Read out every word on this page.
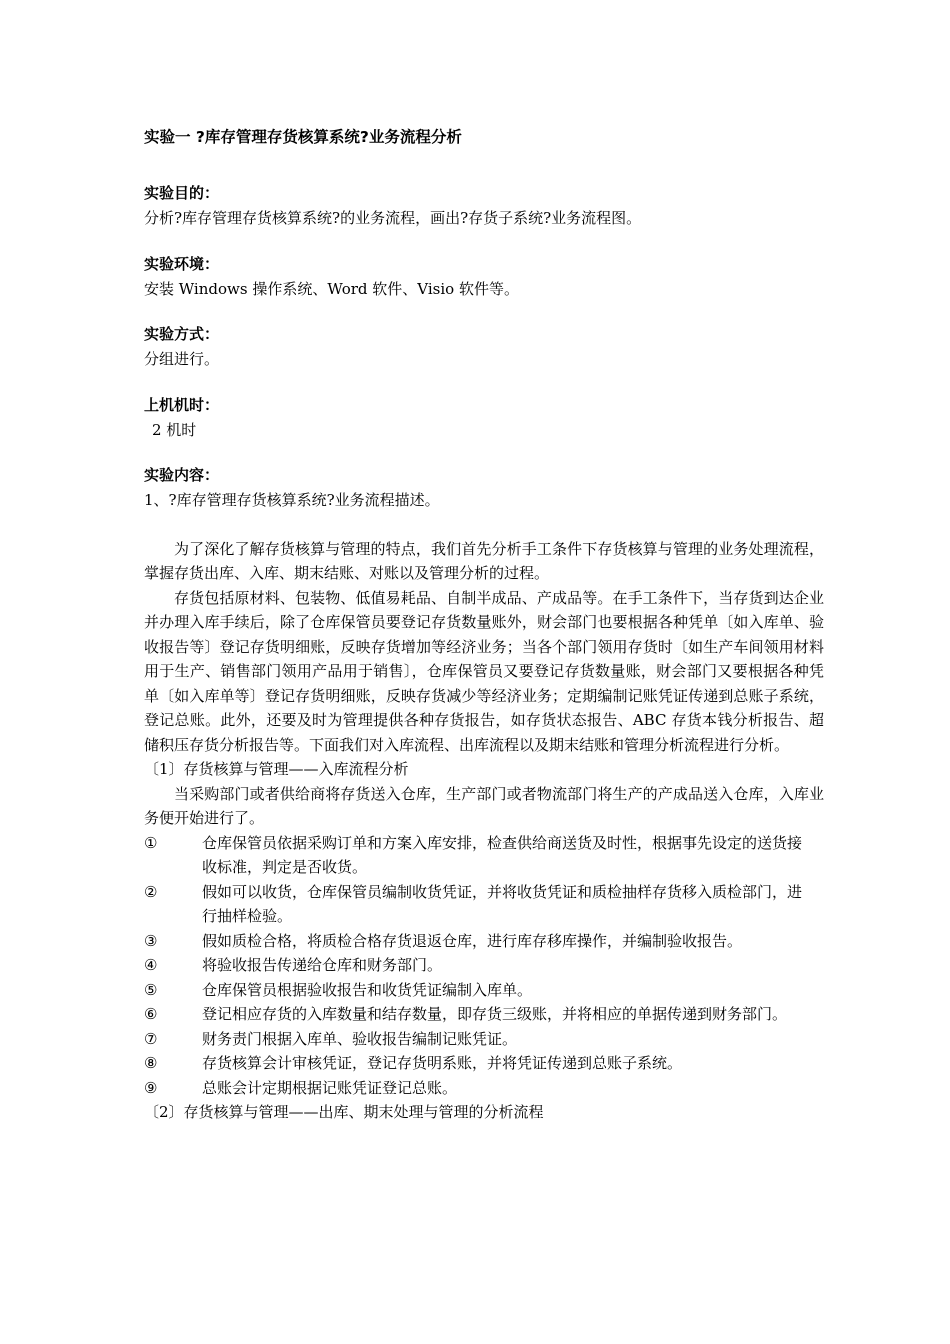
实验一 ?库存管理存货核算系统?业务流程分析
实验目的：
分析?库存管理存货核算系统?的业务流程，画出?存货子系统?业务流程图。
实验环境：
安装 Windows 操作系统、Word 软件、Visio 软件等。
实验方式：
分组进行。
上机机时：
2 机时
实验内容：
1、?库存管理存货核算系统?业务流程描述。

为了深化了解存货核算与管理的特点，我们首先分析手工条件下存货核算与管理的业务处理流程，掌握存货出库、入库、期末结账、对账以及管理分析的过程。

存货包括原材料、包装物、低值易耗品、自制半成品、产成品等。在手工条件下，当存货到达企业并办理入库手续后，除了仓库保管员要登记存货数量账外，财会部门也要根据各种凭单〔如入库单、验收报告等〕登记存货明细账，反映存货增加等经济业务；当各个部门领用存货时〔如生产车间领用材料用于生产、销售部门领用产品用于销售〕，仓库保管员又要登记存货数量账，财会部门又要根据各种凭单〔如入库单等〕登记存货明细账，反映存货减少等经济业务；定期编制记账凭证传递到总账子系统，登记总账。此外，还要及时为管理提供各种存货报告，如存货状态报告、ABC 存货本钱分析报告、超储积压存货分析报告等。下面我们对入库流程、出库流程以及期末结账和管理分析流程进行分析。

〔1〕存货核算与管理——入库流程分析

当采购部门或者供给商将存货送入仓库，生产部门或者物流部门将生产的产成品送入仓库，入库业务便开始进行了。

①	仓库保管员依据采购订单和方案入库安排，检查供给商送货及时性，根据事先设定的送货接收标准，判定是否收货。
②	假如可以收货，仓库保管员编制收货凭证，并将收货凭证和质检抽样存货移入质检部门，进行抽样检验。
③	假如质检合格，将质检合格存货退返仓库，进行库存移库操作，并编制验收报告。
④	将验收报告传递给仓库和财务部门。
⑤	仓库保管员根据验收报告和收货凭证编制入库单。
⑥	登记相应存货的入库数量和结存数量，即存货三级账，并将相应的单据传递到财务部门。
⑦	财务责门根据入库单、验收报告编制记账凭证。
⑧	存货核算会计审核凭证，登记存货明系账，并将凭证传递到总账子系统。
⑨	总账会计定期根据记账凭证登记总账。
〔2〕存货核算与管理——出库、期末处理与管理的分析流程
